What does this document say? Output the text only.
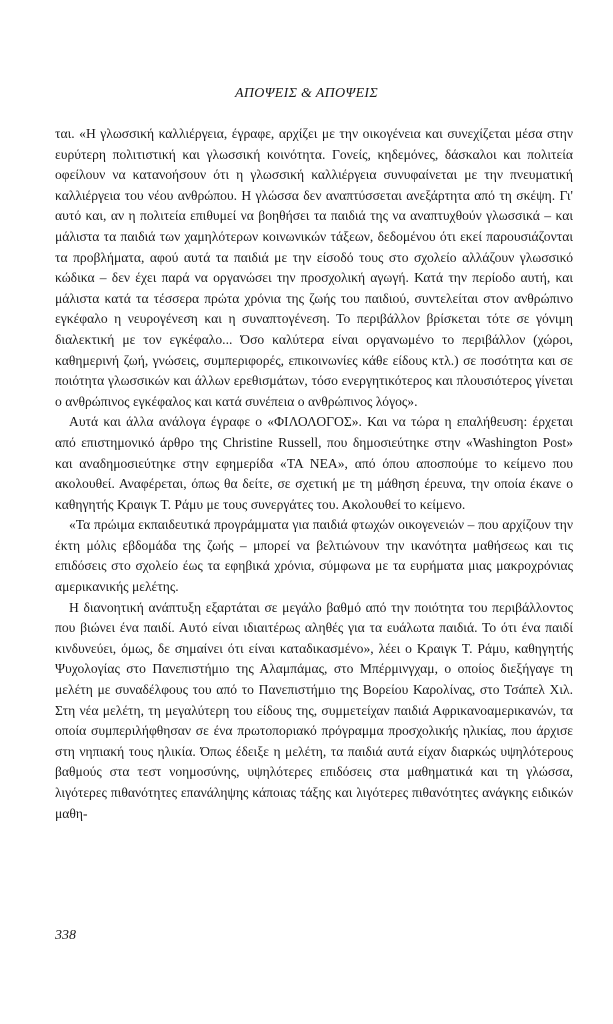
ΑΠΟΨΕΙΣ & ΑΠΟΨΕΙΣ

ται. «Η γλωσσική καλλιέργεια, έγραφε, αρχίζει με την οικογένεια και συνεχίζεται μέσα στην ευρύτερη πολιτιστική και γλωσσική κοινότητα. Γονείς, κηδεμόνες, δάσκαλοι και πολιτεία οφείλουν να κατανοήσουν ότι η γλωσσική καλλιέργεια συνυφαίνεται με την πνευματική καλλιέργεια του νέου ανθρώπου. Η γλώσσα δεν αναπτύσσεται ανεξάρτητα από τη σκέψη. Γι' αυτό και, αν η πολιτεία επιθυμεί να βοηθήσει τα παιδιά της να αναπτυχθούν γλωσσικά – και μάλιστα τα παιδιά των χαμηλότερων κοινωνικών τάξεων, δεδομένου ότι εκεί παρουσιάζονται τα προβλήματα, αφού αυτά τα παιδιά με την είσοδό τους στο σχολείο αλλάζουν γλωσσικό κώδικα – δεν έχει παρά να οργανώσει την προσχολική αγωγή. Κατά την περίοδο αυτή, και μάλιστα κατά τα τέσσερα πρώτα χρόνια της ζωής του παιδιού, συντελείται στον ανθρώπινο εγκέφαλο η νευρογένεση και η συναπτογένεση. Το περιβάλλον βρίσκεται τότε σε γόνιμη διαλεκτική με τον εγκέφαλο... Όσο καλύτερα είναι οργανωμένο το περιβάλλον (χώροι, καθημερινή ζωή, γνώσεις, συμπεριφορές, επικοινωνίες κάθε είδους κτλ.) σε ποσότητα και σε ποιότητα γλωσσικών και άλλων ερεθισμάτων, τόσο ενεργητικότερος και πλουσιότερος γίνεται ο ανθρώπινος εγκέφαλος και κατά συνέπεια ο ανθρώπινος λόγος».

Αυτά και άλλα ανάλογα έγραφε ο «ΦΙΛΟΛΟΓΟΣ». Και να τώρα η επαλήθευση: έρχεται από επιστημονικό άρθρο της Christine Russell, που δημοσιεύτηκε στην «Washington Post» και αναδημοσιεύτηκε στην εφημερίδα «ΤΑ ΝΕΑ», από όπου αποσπούμε το κείμενο που ακολουθεί. Αναφέρεται, όπως θα δείτε, σε σχετική με τη μάθηση έρευνα, την οποία έκανε ο καθηγητής Κραιγκ Τ. Ράμυ με τους συνεργάτες του. Ακολουθεί το κείμενο.

«Τα πρώιμα εκπαιδευτικά προγράμματα για παιδιά φτωχών οικογενειών – που αρχίζουν την έκτη μόλις εβδομάδα της ζωής – μπορεί να βελτιώνουν την ικανότητα μαθήσεως και τις επιδόσεις στο σχολείο έως τα εφηβικά χρόνια, σύμφωνα με τα ευρήματα μιας μακροχρόνιας αμερικανικής μελέτης.

Η διανοητική ανάπτυξη εξαρτάται σε μεγάλο βαθμό από την ποιότητα του περιβάλλοντος που βιώνει ένα παιδί. Αυτό είναι ιδιαιτέρως αληθές για τα ευάλωτα παιδιά. Το ότι ένα παιδί κινδυνεύει, όμως, δε σημαίνει ότι είναι καταδικασμένο», λέει ο Κραιγκ Τ. Ράμυ, καθηγητής Ψυχολογίας στο Πανεπιστήμιο της Αλαμπάμας, στο Μπέρμινγχαμ, ο οποίος διεξήγαγε τη μελέτη με συναδέλφους του από το Πανεπιστήμιο της Βορείου Καρολίνας, στο Τσάπελ Χιλ. Στη νέα μελέτη, τη μεγαλύτερη του είδους της, συμμετείχαν παιδιά Αφρικανοαμερικανών, τα οποία συμπεριλήφθησαν σε ένα πρωτοποριακό πρόγραμμα προσχολικής ηλικίας, που άρχισε στη νηπιακή τους ηλικία. Όπως έδειξε η μελέτη, τα παιδιά αυτά είχαν διαρκώς υψηλότερους βαθμούς στα τεστ νοημοσύνης, υψηλότερες επιδόσεις στα μαθηματικά και τη γλώσσα, λιγότερες πιθανότητες επανάληψης κάποιας τάξης και λιγότερες πιθανότητες ανάγκης ειδικών μαθη-

338
